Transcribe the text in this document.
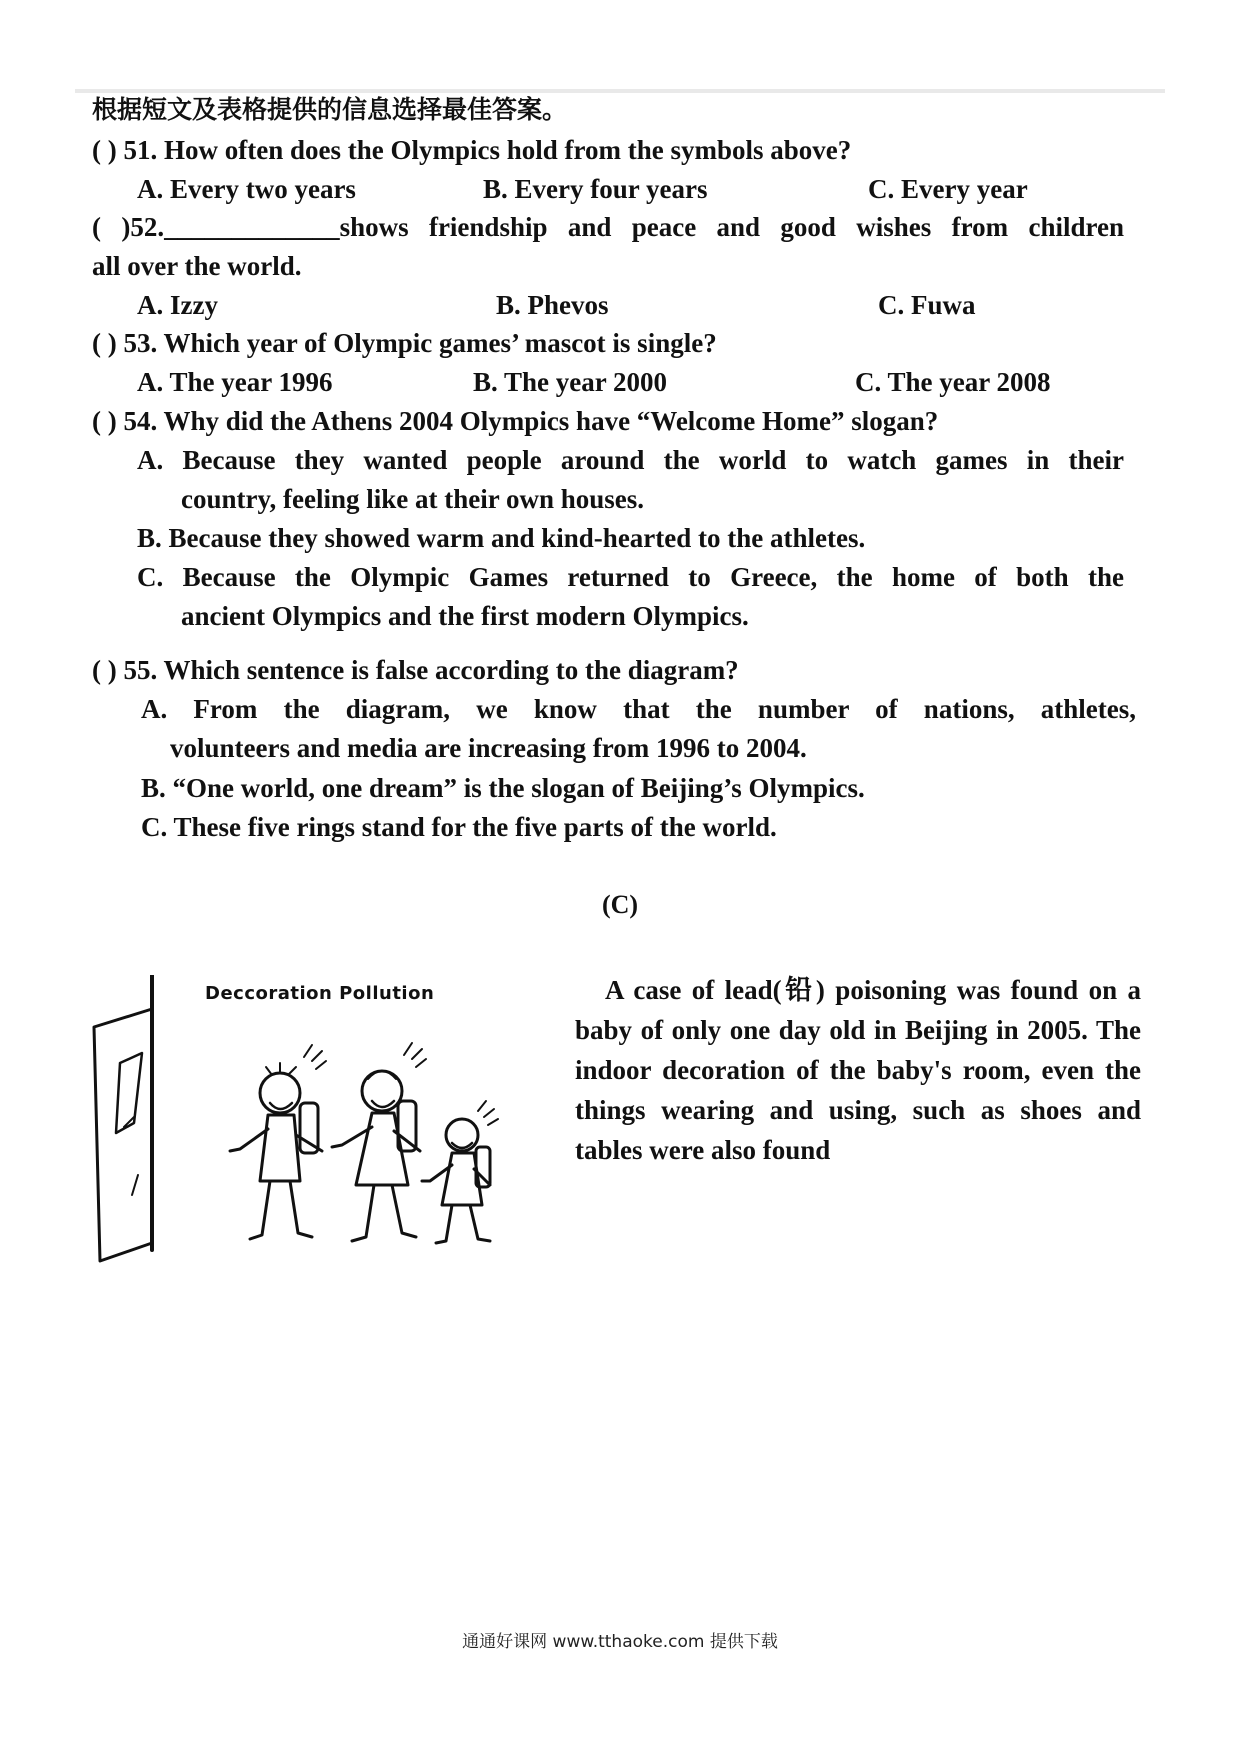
根据短文及表格提供的信息选择最佳答案。
( ) 51. How often does the Olympics hold from the symbols above?
A. Every two years	B. Every four years	C. Every year
( )52._____________shows friendship and peace and good wishes from children
all over the world.
A. Izzy	B. Phevos	C. Fuwa
( ) 53. Which year of Olympic games’ mascot is single?
A. The year 1996	B. The year 2000	C. The year 2008
( ) 54. Why did the Athens 2004 Olympics have “Welcome Home” slogan?
A. Because they wanted people around the world to watch games in their
country, feeling like at their own houses.
B. Because they showed warm and kind-hearted to the athletes.
C. Because the Olympic Games returned to Greece, the home of both the
ancient Olympics and the first modern Olympics.
( ) 55. Which sentence is false according to the diagram?
A. From the diagram, we know that the number of nations, athletes,
volunteers and media are increasing from 1996 to 2004.
B. “One world, one dream” is the slogan of Beijing’s Olympics.
C. These five rings stand for the five parts of the world.
(C)
Deccoration Pollution	A case of lead(铅) poisoning was found on a baby of only one day old in Beijing in 2005. The indoor decoration of the baby's room, even the things wearing and using, such as shoes and tables were also found
通通好课网 www.tthaoke.com 提供下载
